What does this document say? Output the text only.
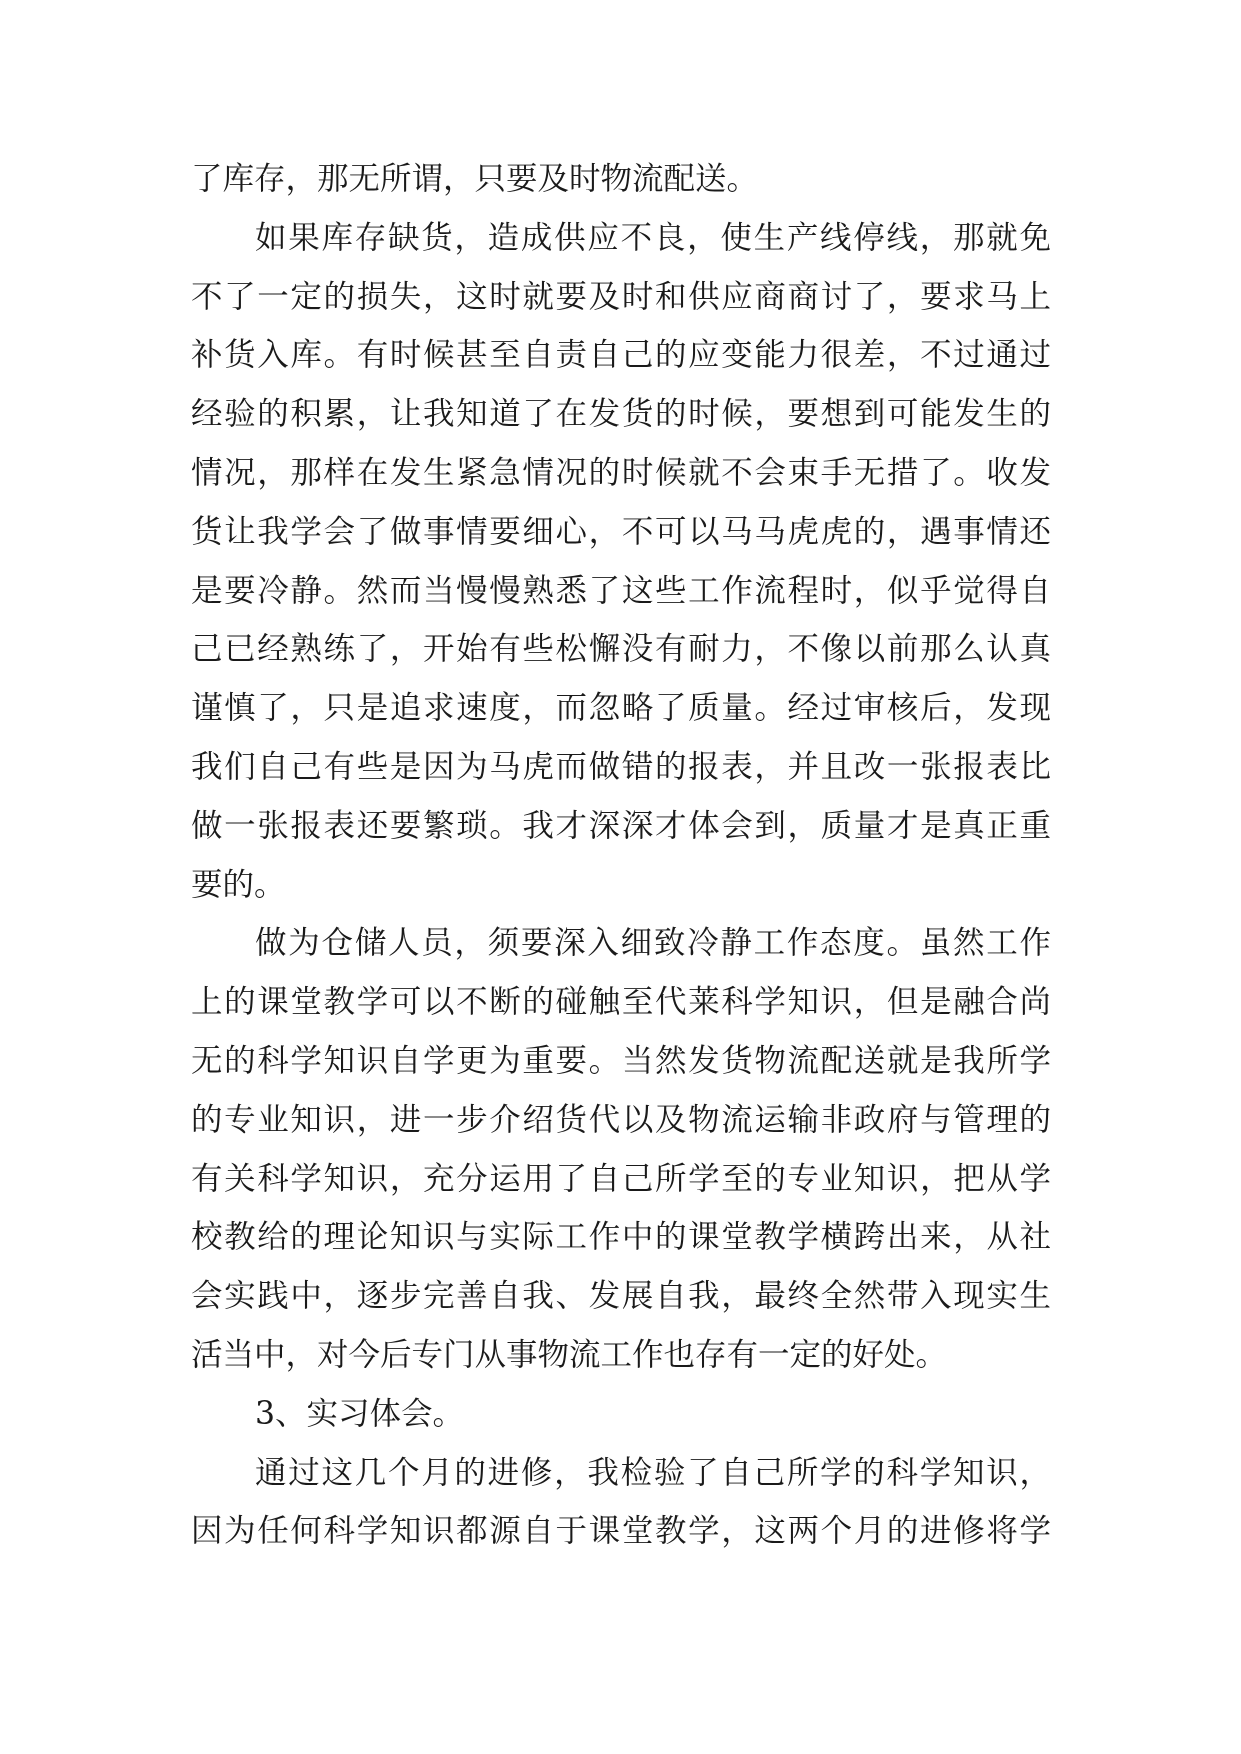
了库存，那无所谓，只要及时物流配送。
如果库存缺货，造成供应不良，使生产线停线，那就免
不了一定的损失，这时就要及时和供应商商讨了，要求马上
补货入库。有时候甚至自责自己的应变能力很差，不过通过
经验的积累，让我知道了在发货的时候，要想到可能发生的
情况，那样在发生紧急情况的时候就不会束手无措了。收发
货让我学会了做事情要细心，不可以马马虎虎的，遇事情还
是要冷静。然而当慢慢熟悉了这些工作流程时，似乎觉得自
己已经熟练了，开始有些松懈没有耐力，不像以前那么认真
谨慎了，只是追求速度，而忽略了质量。经过审核后，发现
我们自己有些是因为马虎而做错的报表，并且改一张报表比
做一张报表还要繁琐。我才深深才体会到，质量才是真正重
要的。
做为仓储人员，须要深入细致冷静工作态度。虽然工作
上的课堂教学可以不断的碰触至代莱科学知识，但是融合尚
无的科学知识自学更为重要。当然发货物流配送就是我所学
的专业知识，进一步介绍货代以及物流运输非政府与管理的
有关科学知识，充分运用了自己所学至的专业知识，把从学
校教给的理论知识与实际工作中的课堂教学横跨出来，从社
会实践中，逐步完善自我、发展自我，最终全然带入现实生
活当中，对今后专门从事物流工作也存有一定的好处。
3、实习体会。
通过这几个月的进修，我检验了自己所学的科学知识，
因为任何科学知识都源自于课堂教学，这两个月的进修将学
